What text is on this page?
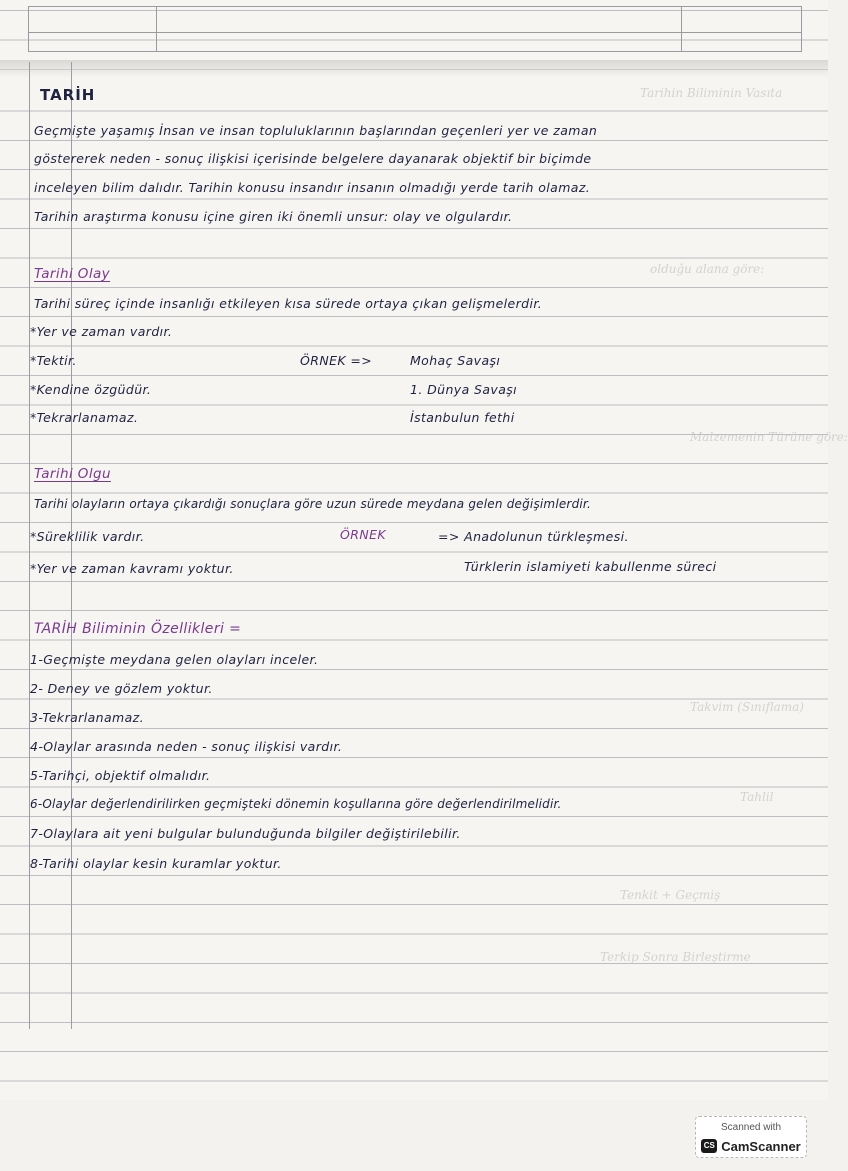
Tarihin Biliminin Vasıta
olduğu alana göre:
Malzemenin Türüne göre:
Takvim (Sınıflama)
Tahlil
Tenkit + Geçmiş
Terkip Sonra Birleştirme
TARİH
Geçmişte yaşamış İnsan ve insan topluluklarının başlarından geçenleri yer ve zaman
göstererek neden - sonuç ilişkisi içerisinde belgelere dayanarak objektif bir biçimde
inceleyen bilim dalıdır. Tarihin konusu insandır insanın olmadığı yerde tarih olamaz.
Tarihin araştırma konusu içine giren iki önemli unsur: olay ve olgulardır.
Tarihi Olay
Tarihi süreç içinde insanlığı etkileyen kısa sürede ortaya çıkan gelişmelerdir.
*Yer ve zaman vardır.
*Tektir.
*Kendine özgüdür.
*Tekrarlanamaz.
ÖRNEK =>	Mohaç Savaşı
1. Dünya Savaşı
İstanbulun fethi
Tarihi Olgu
Tarihi olayların ortaya çıkardığı sonuçlara göre uzun sürede meydana gelen değişimlerdir.
*Süreklilik vardır.
*Yer ve zaman kavramı yoktur.
ÖRNEK	=> Anadolunun türkleşmesi.
Türklerin islamiyeti kabullenme süreci
TARİH Biliminin Özellikleri =
1-Geçmişte meydana gelen olayları inceler.
2- Deney ve gözlem yoktur.
3-Tekrarlanamaz.
4-Olaylar arasında neden - sonuç ilişkisi vardır.
5-Tarihçi, objektif olmalıdır.
6-Olaylar değerlendirilirken geçmişteki dönemin koşullarına göre değerlendirilmelidir.
7-Olaylara ait yeni bulgular bulunduğunda bilgiler değiştirilebilir.
8-Tarihi olaylar kesin kuramlar yoktur.
Scanned with
CS CamScanner
